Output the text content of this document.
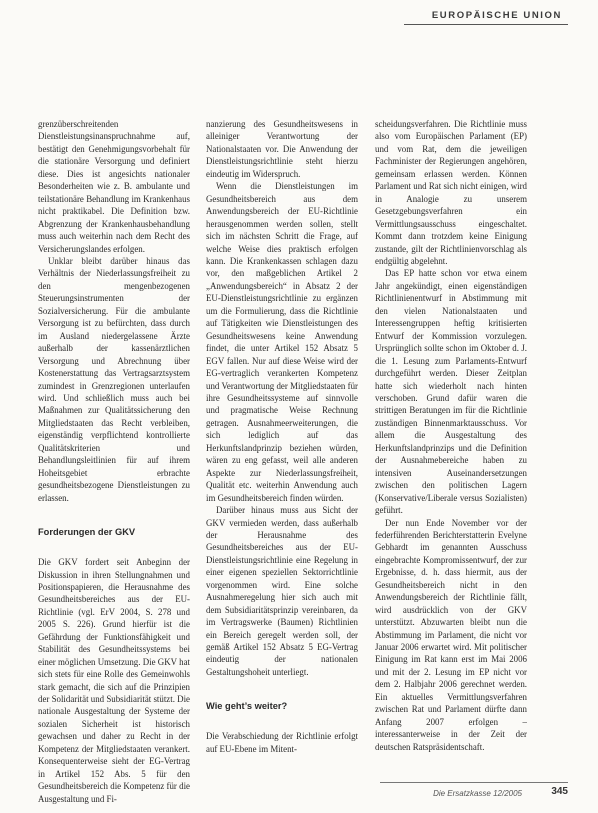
EUROPÄISCHE UNION

grenzüberschreitenden Dienstleistungsinanspruchnahme auf, bestätigt den Genehmigungsvorbehalt für die stationäre Versorgung und definiert diese. Dies ist angesichts nationaler Besonderheiten wie z. B. ambulante und teilstationäre Behandlung im Krankenhaus nicht praktikabel. Die Definition bzw. Abgrenzung der Krankenhausbehandlung muss auch weiterhin nach dem Recht des Versicherungslandes erfolgen.

Unklar bleibt darüber hinaus das Verhältnis der Niederlassungsfreiheit zu den mengenbezogenen Steuerungsinstrumenten der Sozialversicherung. Für die ambulante Versorgung ist zu befürchten, dass durch im Ausland niedergelassene Ärzte außerhalb der kassenärztlichen Versorgung und Abrechnung über Kostenerstattung das Vertragsarztsystem zumindest in Grenzregionen unterlaufen wird. Und schließlich muss auch bei Maßnahmen zur Qualitätssicherung den Mitgliedstaaten das Recht verbleiben, eigenständig verpflichtend kontrollierte Qualitätskriterien und Behandlungsleitlinien für auf ihrem Hoheitsgebiet erbrachte gesundheitsbezogene Dienstleistungen zu erlassen.

Forderungen der GKV

Die GKV fordert seit Anbeginn der Diskussion in ihren Stellungnahmen und Positionspapieren, die Herausnahme des Gesundheitsbereiches aus der EU-Richtlinie (vgl. ErV 2004, S. 278 und 2005 S. 226). Grund hierfür ist die Gefährdung der Funktionsfähigkeit und Stabilität des Gesundheitssystems bei einer möglichen Umsetzung. Die GKV hat sich stets für eine Rolle des Gemeinwohls stark gemacht, die sich auf die Prinzipien der Solidarität und Subsidiarität stützt. Die nationale Ausgestaltung der Systeme der sozialen Sicherheit ist historisch gewachsen und daher zu Recht in der Kompetenz der Mitgliedstaaten verankert. Konsequenterweise sieht der EG-Vertrag in Artikel 152 Abs. 5 für den Gesundheitsbereich die Kompetenz für die Ausgestaltung und Fi-

nanzierung des Gesundheitswesens in alleiniger Verantwortung der Nationalstaaten vor. Die Anwendung der Dienstleistungsrichtlinie steht hierzu eindeutig im Widerspruch.

Wenn die Dienstleistungen im Gesundheitsbereich aus dem Anwendungsbereich der EU-Richtlinie herausgenommen werden sollen, stellt sich im nächsten Schritt die Frage, auf welche Weise dies praktisch erfolgen kann. Die Krankenkassen schlagen dazu vor, den maßgeblichen Artikel 2 „Anwendungsbereich“ in Absatz 2 der EU-Dienstleistungsrichtlinie zu ergänzen um die Formulierung, dass die Richtlinie auf Tätigkeiten wie Dienstleistungen des Gesundheitswesens keine Anwendung findet, die unter Artikel 152 Absatz 5 EGV fallen. Nur auf diese Weise wird der EG-vertraglich verankerten Kompetenz und Verantwortung der Mitgliedstaaten für ihre Gesundheitssysteme auf sinnvolle und pragmatische Weise Rechnung getragen. Ausnahmeerweiterungen, die sich lediglich auf das Herkunftslandprinzip beziehen würden, wären zu eng gefasst, weil alle anderen Aspekte zur Niederlassungsfreiheit, Qualität etc. weiterhin Anwendung auch im Gesundheitsbereich finden würden.

Darüber hinaus muss aus Sicht der GKV vermieden werden, dass außerhalb der Herausnahme des Gesundheitsbereiches aus der EU-Dienstleistungsrichtlinie eine Regelung in einer eigenen speziellen Sektorrichtlinie vorgenommen wird. Eine solche Ausnahmeregelung hier sich auch mit dem Subsidiaritätsprinzip vereinbaren, da im Vertragswerke (Baumen) Richtlinien ein Bereich geregelt werden soll, der gemäß Artikel 152 Absatz 5 EG-Vertrag eindeutig der nationalen Gestaltungshoheit unterliegt.

Wie geht’s weiter?

Die Verabschiedung der Richtlinie erfolgt auf EU-Ebene im Mitent-

scheidungsverfahren. Die Richtlinie muss also vom Europäischen Parlament (EP) und vom Rat, dem die jeweiligen Fachminister der Regierungen angehören, gemeinsam erlassen werden. Können Parlament und Rat sich nicht einigen, wird in Analogie zu unserem Gesetzgebungsverfahren ein Vermittlungsausschuss eingeschaltet. Kommt dann trotzdem keine Einigung zustande, gilt der Richtlinienvorschlag als endgültig abgelehnt.

Das EP hatte schon vor etwa einem Jahr angekündigt, einen eigenständigen Richtlinienentwurf in Abstimmung mit den vielen Nationalstaaten und Interessengruppen heftig kritisierten Entwurf der Kommission vorzulegen. Ursprünglich sollte schon im Oktober d. J. die 1. Lesung zum Parlaments-Entwurf durchgeführt werden. Dieser Zeitplan hatte sich wiederholt nach hinten verschoben. Grund dafür waren die strittigen Beratungen im für die Richtlinie zuständigen Binnenmarktausschuss. Vor allem die Ausgestaltung des Herkunftslandprinzips und die Definition der Ausnahmebereiche haben zu intensiven Auseinandersetzungen zwischen den politischen Lagern (Konservative/Liberale versus Sozialisten) geführt.

Der nun Ende November vor der federführenden Berichterstatterin Evelyne Gebhardt im genannten Ausschuss eingebrachte Kompromissentwurf, der zur Ergebnisse, d. h. dass hiermit, aus der Gesundheitsbereich nicht in den Anwendungsbereich der Richtlinie fällt, wird ausdrücklich von der GKV unterstützt. Abzuwarten bleibt nun die Abstimmung im Parlament, die nicht vor Januar 2006 erwartet wird. Mit politischer Einigung im Rat kann erst im Mai 2006 und mit der 2. Lesung im EP nicht vor dem 2. Halbjahr 2006 gerechnet werden. Ein aktuelles Vermittlungsverfahren zwischen Rat und Parlament dürfte dann Anfang 2007 erfolgen – interessanterweise in der Zeit der deutschen Ratspräsidentschaft.

Die Ersatzkasse 12/2005	345
